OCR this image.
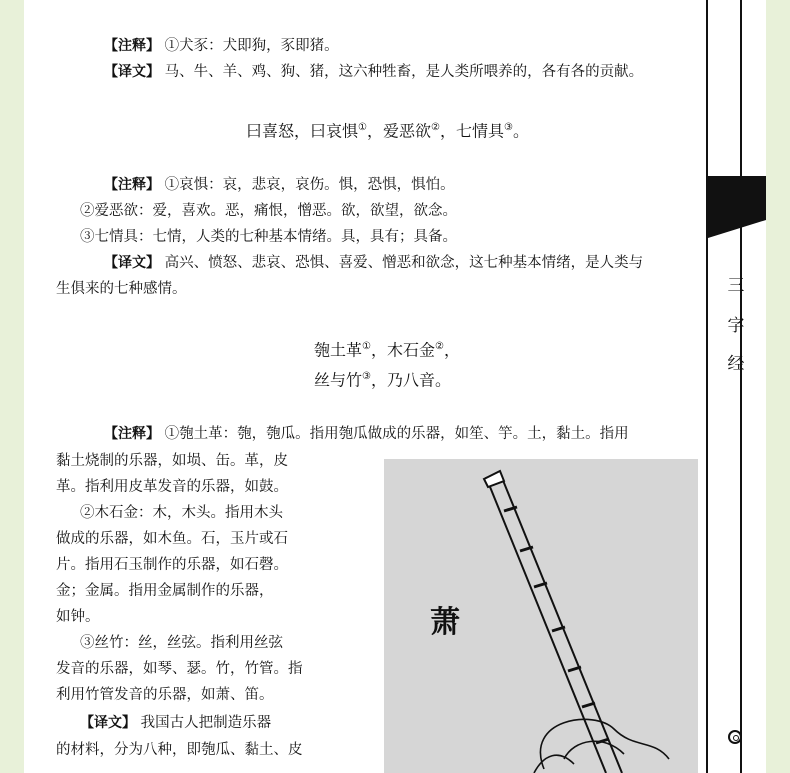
【注释】 ①犬豕：犬即狗，豕即猪。
【译文】 马、牛、羊、鸡、狗、猪，这六种牲畜，是人类所喂养的，各有各的贡献。
曰喜怒，曰哀惧①，爱恶欲②，七情具③。
【注释】 ①哀惧：哀，悲哀，哀伤。惧，恐惧，惧怕。
②爱恶欲：爱，喜欢。恶，痛恨，憎恶。欲，欲望，欲念。
③七情具：七情，人类的七种基本情绪。具，具有；具备。
【译文】 高兴、愤怒、悲哀、恐惧、喜爱、憎恶和欲念，这七种基本情绪，是人类与
生俱来的七种感情。
匏土革①，木石金②，
丝与竹③，乃八音。
【注释】 ①匏土革：匏，匏瓜。指用匏瓜做成的乐器，如笙、竽。土，黏土。指用
黏土烧制的乐器，如埙、缶。革，皮
革。指利用皮革发音的乐器，如鼓。
②木石金：木，木头。指用木头
做成的乐器，如木鱼。石，玉片或石
片。指用石玉制作的乐器，如石磬。
金；金属。指用金属制作的乐器，
如钟。
③丝竹：丝，丝弦。指利用丝弦
发音的乐器，如琴、瑟。竹，竹管。指
利用竹管发音的乐器，如萧、笛。
【译文】 我国古人把制造乐器
的材料，分为八种，即匏瓜、黏土、皮
萧
三
字
经
